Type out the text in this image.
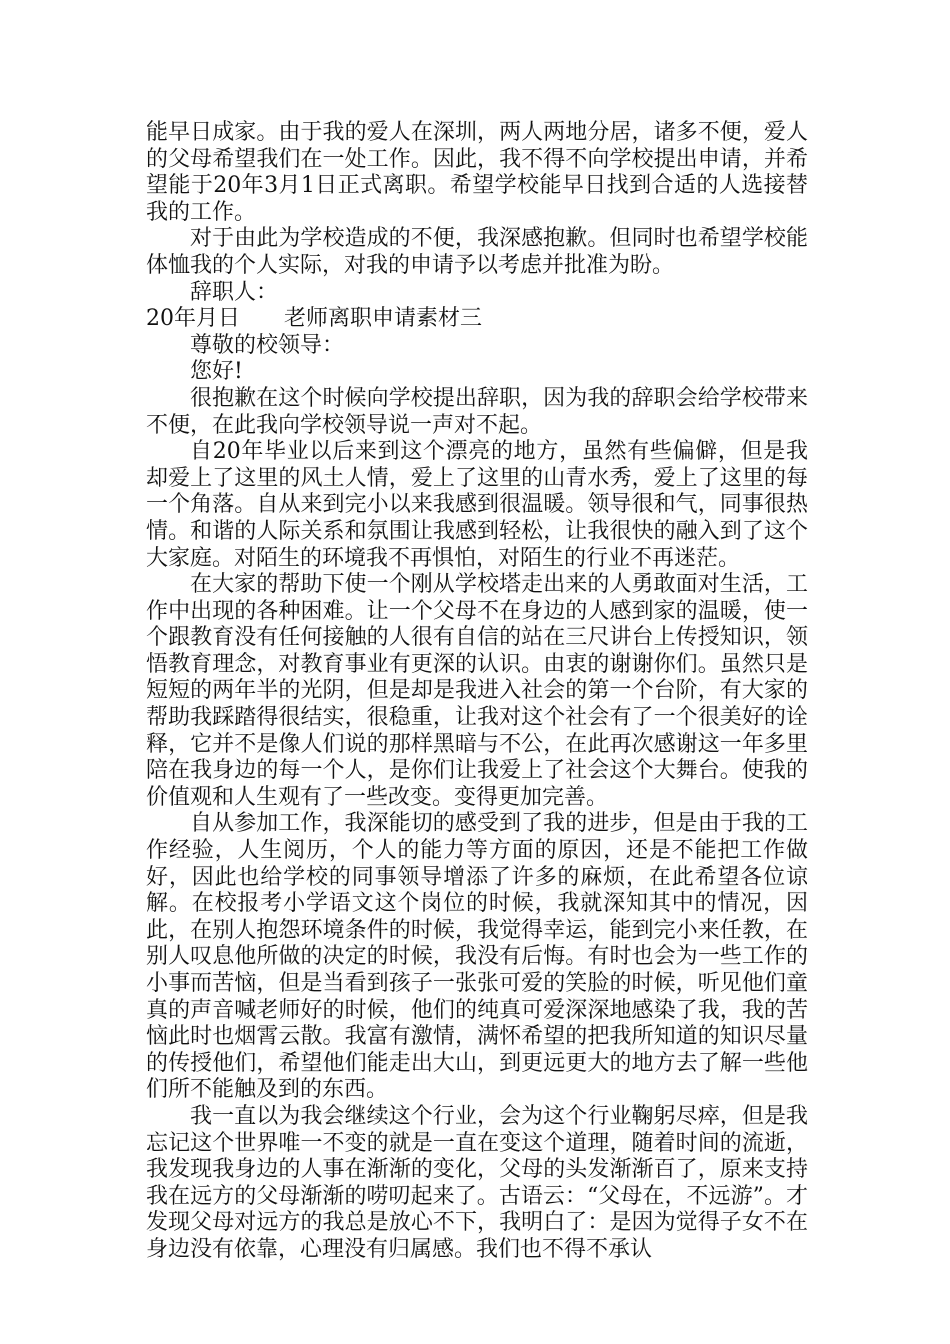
能早日成家。由于我的爱人在深圳，两人两地分居，诸多不便，爱人的父母希望我们在一处工作。因此，我不得不向学校提出申请，并希望能于20年3月1日正式离职。希望学校能早日找到合适的人选接替我的工作。

对于由此为学校造成的不便，我深感抱歉。但同时也希望学校能体恤我的个人实际，对我的申请予以考虑并批准为盼。

辞职人：

20年月日　　老师离职申请素材三

尊敬的校领导：

您好!

很抱歉在这个时候向学校提出辞职，因为我的辞职会给学校带来不便，在此我向学校领导说一声对不起。

自20年毕业以后来到这个漂亮的地方，虽然有些偏僻，但是我却爱上了这里的风土人情，爱上了这里的山青水秀，爱上了这里的每一个角落。自从来到完小以来我感到很温暖。领导很和气，同事很热情。和谐的人际关系和氛围让我感到轻松，让我很快的融入到了这个大家庭。对陌生的环境我不再惧怕，对陌生的行业不再迷茫。

在大家的帮助下使一个刚从学校塔走出来的人勇敢面对生活，工作中出现的各种困难。让一个父母不在身边的人感到家的温暖，使一个跟教育没有任何接触的人很有自信的站在三尺讲台上传授知识，领悟教育理念，对教育事业有更深的认识。由衷的谢谢你们。虽然只是短短的两年半的光阴，但是却是我进入社会的第一个台阶，有大家的帮助我踩踏得很结实，很稳重，让我对这个社会有了一个很美好的诠释，它并不是像人们说的那样黑暗与不公，在此再次感谢这一年多里陪在我身边的每一个人，是你们让我爱上了社会这个大舞台。使我的价值观和人生观有了一些改变。变得更加完善。

自从参加工作，我深能切的感受到了我的进步，但是由于我的工作经验，人生阅历，个人的能力等方面的原因，还是不能把工作做好，因此也给学校的同事领导增添了许多的麻烦，在此希望各位谅解。在校报考小学语文这个岗位的时候，我就深知其中的情况，因此，在别人抱怨环境条件的时候，我觉得幸运，能到完小来任教，在别人叹息他所做的决定的时候，我没有后悔。有时也会为一些工作的小事而苦恼，但是当看到孩子一张张可爱的笑脸的时候，听见他们童真的声音喊老师好的时候，他们的纯真可爱深深地感染了我，我的苦恼此时也烟霄云散。我富有激情，满怀希望的把我所知道的知识尽量的传授他们，希望他们能走出大山，到更远更大的地方去了解一些他们所不能触及到的东西。

我一直以为我会继续这个行业，会为这个行业鞠躬尽瘁，但是我忘记这个世界唯一不变的就是一直在变这个道理，随着时间的流逝，我发现我身边的人事在渐渐的变化，父母的头发渐渐百了，原来支持我在远方的父母渐渐的唠叨起来了。古语云：“父母在，不远游”。才发现父母对远方的我总是放心不下，我明白了：是因为觉得子女不在身边没有依靠，心理没有归属感。我们也不得不承认
